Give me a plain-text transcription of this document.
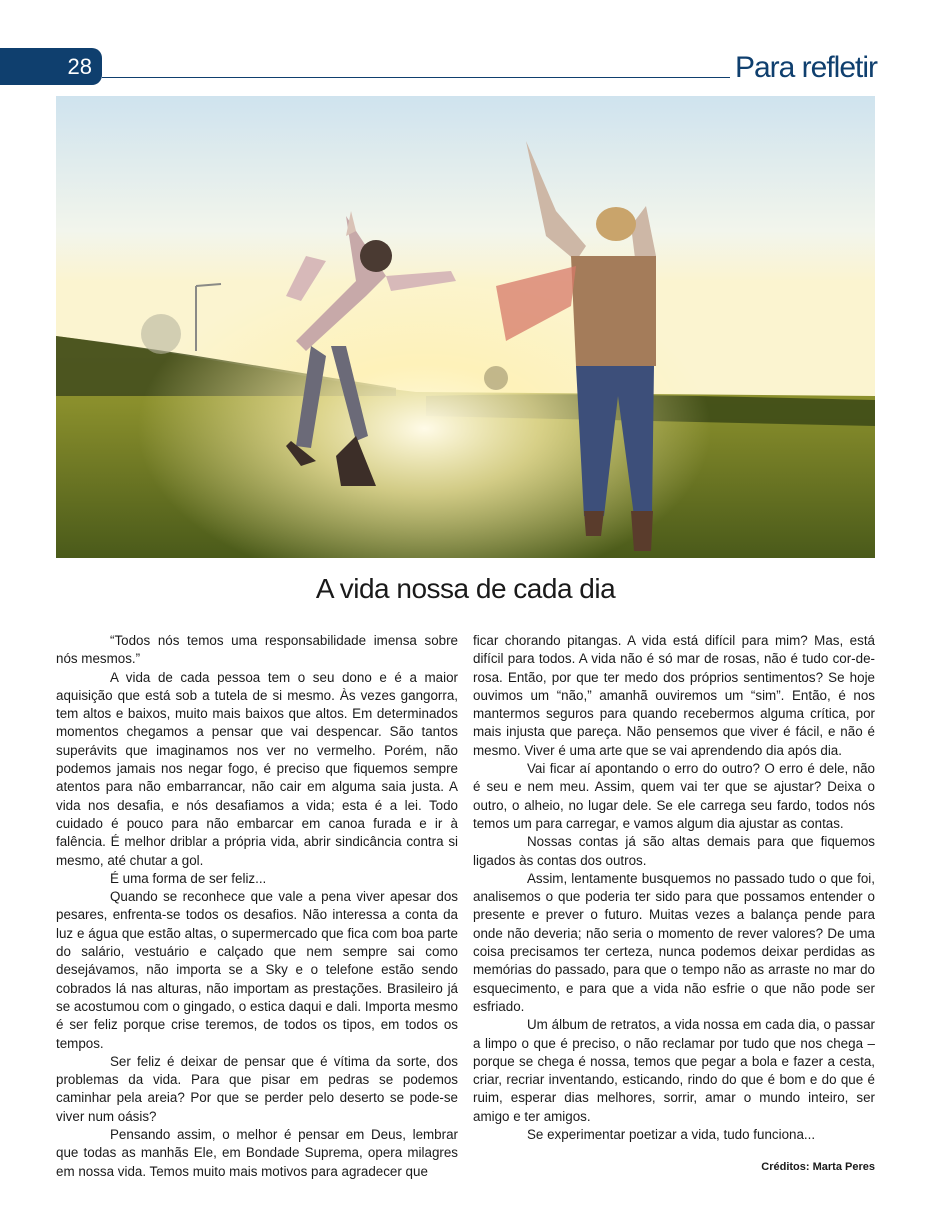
28	Para refletir
A vida nossa de cada dia

“Todos nós temos uma responsabilidade imensa sobre nós mesmos.”

A vida de cada pessoa tem o seu dono e é a maior aquisição que está sob a tutela de si mesmo. Às vezes gangorra, tem altos e baixos, muito mais baixos que altos. Em determinados momentos chegamos a pensar que vai despencar. São tantos superávits que imaginamos nos ver no vermelho. Porém, não podemos jamais nos negar fogo, é preciso que fiquemos sempre atentos para não embarrancar, não cair em alguma saia justa. A vida nos desafia, e nós desafiamos a vida; esta é a lei. Todo cuidado é pouco para não embarcar em canoa furada e ir à falência. É melhor driblar a própria vida, abrir sindicância contra si mesmo, até chutar a gol.

É uma forma de ser feliz...

Quando se reconhece que vale a pena viver apesar dos pesares, enfrenta-se todos os desafios. Não interessa a conta da luz e água que estão altas, o supermercado que fica com boa parte do salário, vestuário e calçado que nem sempre sai como desejávamos, não importa se a Sky e o telefone estão sendo cobrados lá nas alturas, não importam as prestações. Brasileiro já se acostumou com o gingado, o estica daqui e dali. Importa mesmo é ser feliz porque crise teremos, de todos os tipos, em todos os tempos.

Ser feliz é deixar de pensar que é vítima da sorte, dos problemas da vida. Para que pisar em pedras se podemos caminhar pela areia? Por que se perder pelo deserto se pode-se viver num oásis?

Pensando assim, o melhor é pensar em Deus, lembrar que todas as manhãs Ele, em Bondade Suprema, opera milagres em nossa vida. Temos muito mais motivos para agradecer que

ficar chorando pitangas. A vida está difícil para mim? Mas, está difícil para todos. A vida não é só mar de rosas, não é tudo cor-de-rosa. Então, por que ter medo dos próprios sentimentos? Se hoje ouvimos um “não,” amanhã ouviremos um “sim”. Então, é nos mantermos seguros para quando recebermos alguma crítica, por mais injusta que pareça. Não pensemos que viver é fácil, e não é mesmo. Viver é uma arte que se vai aprendendo dia após dia.

Vai ficar aí apontando o erro do outro? O erro é dele, não é seu e nem meu. Assim, quem vai ter que se ajustar? Deixa o outro, o alheio, no lugar dele. Se ele carrega seu fardo, todos nós temos um para carregar, e vamos algum dia ajustar as contas.

Nossas contas já são altas demais para que fiquemos ligados às contas dos outros.

Assim, lentamente busquemos no passado tudo o que foi, analisemos o que poderia ter sido para que possamos entender o presente e prever o futuro. Muitas vezes a balança pende para onde não deveria; não seria o momento de rever valores? De uma coisa precisamos ter certeza, nunca podemos deixar perdidas as memórias do passado, para que o tempo não as arraste no mar do esquecimento, e para que a vida não esfrie o que não pode ser esfriado.

Um álbum de retratos, a vida nossa em cada dia, o passar a limpo o que é preciso, o não reclamar por tudo que nos chega – porque se chega é nossa, temos que pegar a bola e fazer a cesta, criar, recriar inventando, esticando, rindo do que é bom e do que é ruim, esperar dias melhores, sorrir, amar o mundo inteiro, ser amigo e ter amigos.

Se experimentar poetizar a vida, tudo funciona...

Créditos: Marta Peres
